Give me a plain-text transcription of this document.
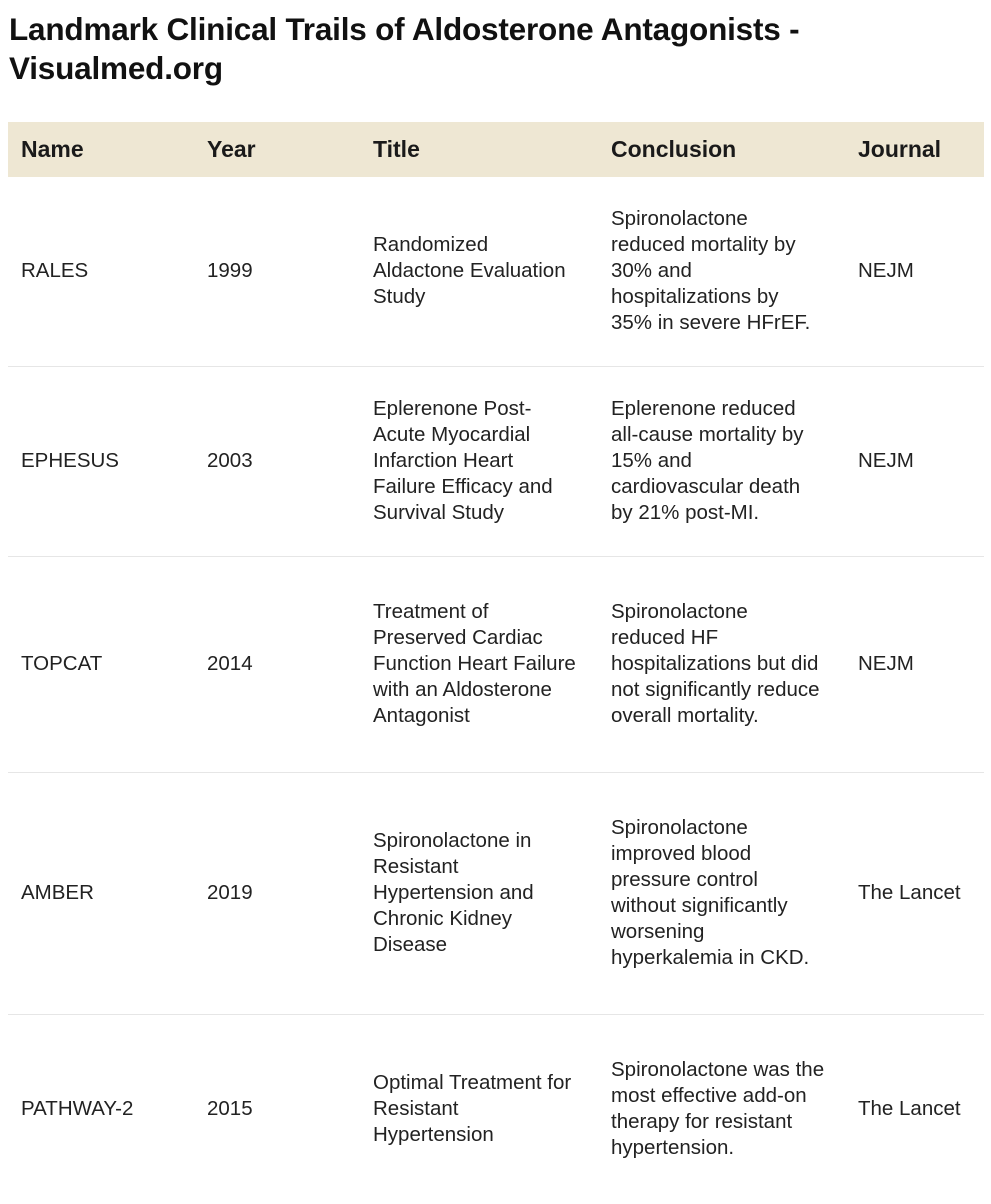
Landmark Clinical Trails of Aldosterone Antagonists - Visualmed.org
Name	Year	Title	Conclusion	Journal
RALES	1999	Randomized Aldactone Evaluation Study	Spironolactone reduced mortality by 30% and hospitalizations by 35% in severe HFrEF.	NEJM
EPHESUS	2003	Eplerenone Post-Acute Myocardial Infarction Heart Failure Efficacy and Survival Study	Eplerenone reduced all-cause mortality by 15% and cardiovascular death by 21% post-MI.	NEJM
TOPCAT	2014	Treatment of Preserved Cardiac Function Heart Failure with an Aldosterone Antagonist	Spironolactone reduced HF hospitalizations but did not significantly reduce overall mortality.	NEJM
AMBER	2019	Spironolactone in Resistant Hypertension and Chronic Kidney Disease	Spironolactone improved blood pressure control without significantly worsening hyperkalemia in CKD.	The Lancet
PATHWAY-2	2015	Optimal Treatment for Resistant Hypertension	Spironolactone was the most effective add-on therapy for resistant hypertension.	The Lancet
